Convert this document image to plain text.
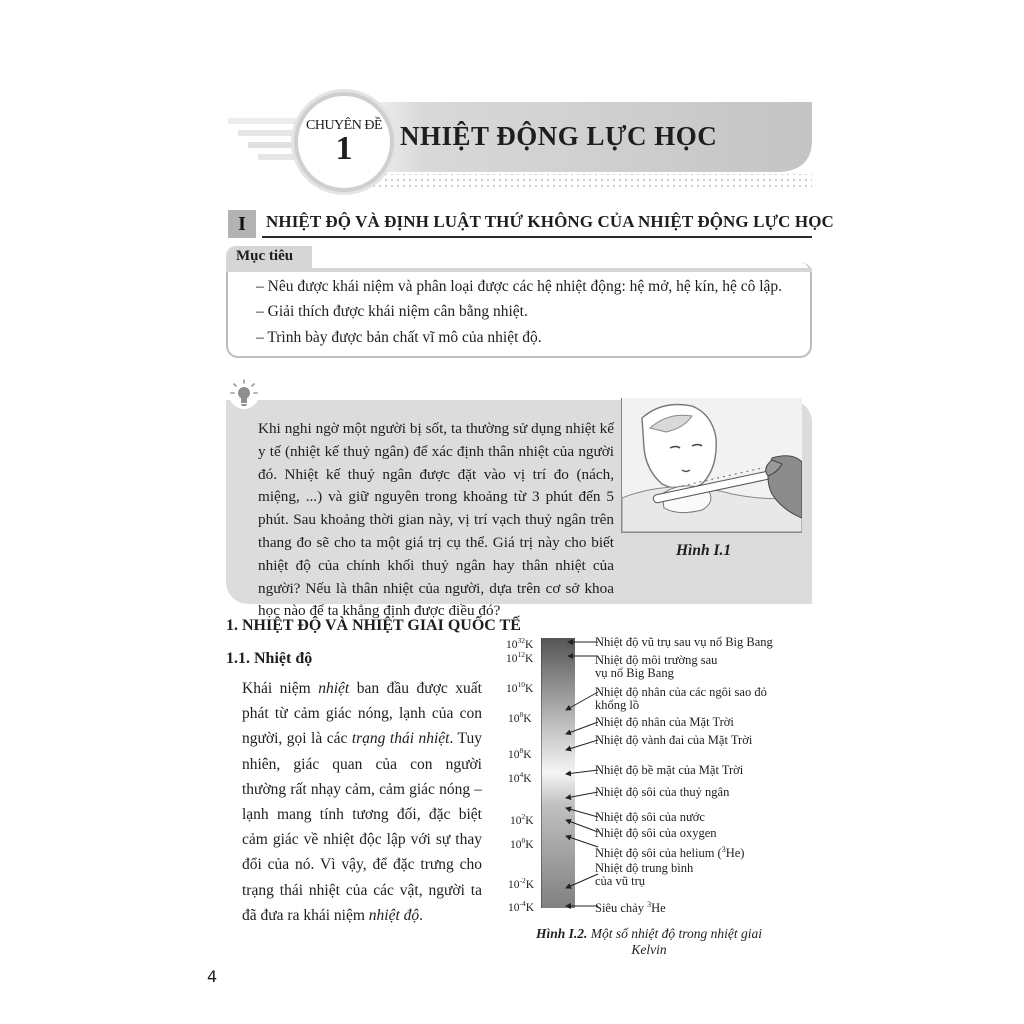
CHUYÊN ĐỀ
1	NHIỆT ĐỘNG LỰC HỌC
I	NHIỆT ĐỘ VÀ ĐỊNH LUẬT THỨ KHÔNG CỦA NHIỆT ĐỘNG LỰC HỌC
Mục tiêu
– Nêu được khái niệm và phân loại được các hệ nhiệt động: hệ mở, hệ kín, hệ cô lập.
– Giải thích được khái niệm cân bằng nhiệt.
– Trình bày được bản chất vĩ mô của nhiệt độ.
Khi nghi ngờ một người bị sốt, ta thường sử dụng nhiệt kế y tế (nhiệt kế thuỷ ngân) để xác định thân nhiệt của người đó. Nhiệt kế thuỷ ngân được đặt vào vị trí đo (nách, miệng, ...) và giữ nguyên trong khoảng từ 3 phút đến 5 phút. Sau khoảng thời gian này, vị trí vạch thuỷ ngân trên thang đo sẽ cho ta một giá trị cụ thể. Giá trị này cho biết nhiệt độ của chính khối thuỷ ngân hay thân nhiệt của người? Nếu là thân nhiệt của người, dựa trên cơ sở khoa học nào để ta khẳng định được điều đó?
Hình I.1
1. NHIỆT ĐỘ VÀ NHIỆT GIAI QUỐC TẾ
1.1. Nhiệt độ
Khái niệm nhiệt ban đầu được xuất phát từ cảm giác nóng, lạnh của con người, gọi là các trạng thái nhiệt. Tuy nhiên, giác quan của con người thường rất nhạy cảm, cảm giác nóng – lạnh mang tính tương đối, đặc biệt cảm giác về nhiệt độc lập với sự thay đổi của nó. Vì vậy, để đặc trưng cho trạng thái nhiệt của các vật, người ta đã đưa ra khái niệm nhiệt độ.
$10^{32}K$
$10^{12}K$
$10^{10}K$
$10^8K$
$10^8K$
$10^4K$
$10^2K$
$10^0K$
$10^{-2}K$
$10^{-4}K$
Nhiệt độ vũ trụ sau vụ nổ Big Bang
Nhiệt độ môi trường sau
vụ nổ Big Bang
Nhiệt độ nhân của các ngôi sao đỏ
khổng lồ
Nhiệt độ nhân của Mặt Trời
Nhiệt độ vành đai của Mặt Trời
Nhiệt độ bề mặt của Mặt Trời
Nhiệt độ sôi của thuỷ ngân
Nhiệt độ sôi của nước
Nhiệt độ sôi của oxygen
Nhiệt độ sôi của helium ($^3$He)
Nhiệt độ trung bình
của vũ trụ
Siêu chảy $^3$He
Hình I.2. Một số nhiệt độ trong nhiệt giai
Kelvin
4
